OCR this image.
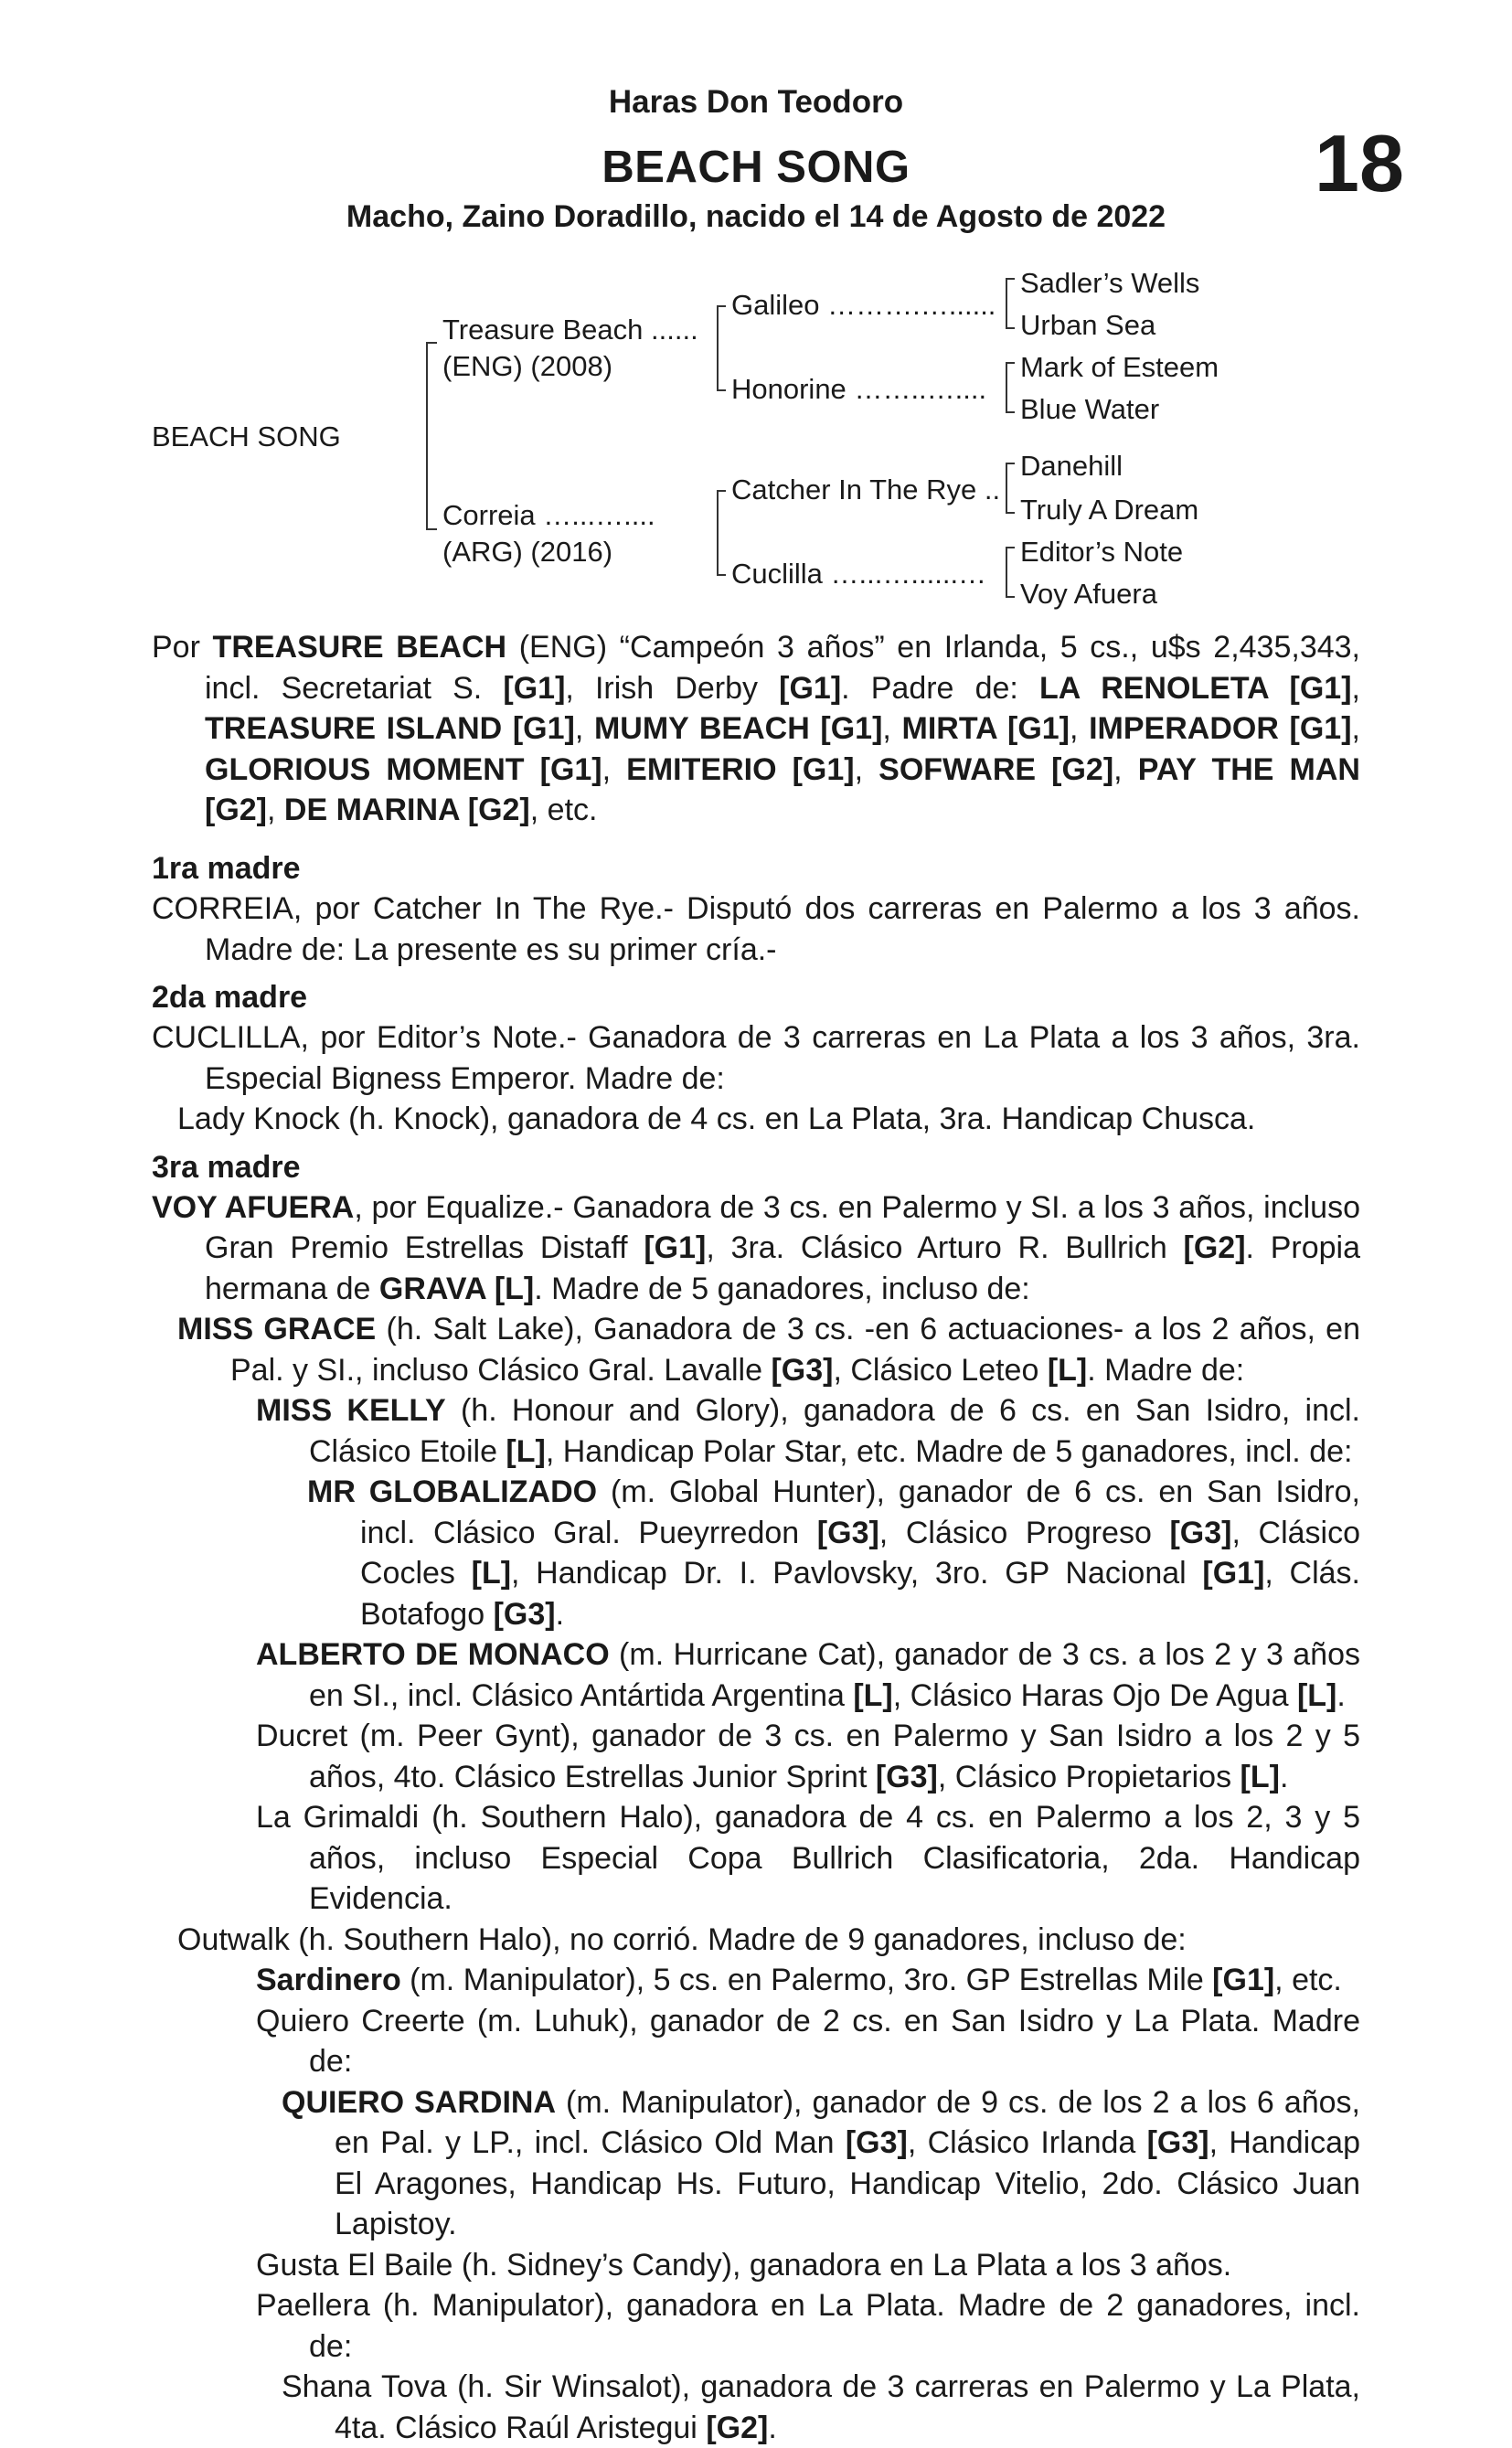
Haras Don Teodoro
BEACH SONG
Macho, Zaino Doradillo, nacido el 14 de Agosto de 2022
18
BEACH SONG
Treasure Beach ......
(ENG) (2008)
Correia …...…....
(ARG) (2016)
Galileo ……….…......
Honorine ……..…....
Catcher In The Rye ..
Cuclilla …...…......…
Sadler’s Wells
Urban Sea
Mark of Esteem
Blue Water
Danehill
Truly A Dream
Editor’s Note
Voy Afuera

Por TREASURE BEACH (ENG) “Campeón 3 años” en Irlanda, 5 cs., u$s 2,435,343, incl. Secretariat S. [G1], Irish Derby [G1]. Padre de: LA RENOLETA [G1], TREASURE ISLAND [G1], MUMY BEACH [G1], MIRTA [G1], IMPERADOR [G1], GLORIOUS MOMENT [G1], EMITERIO [G1], SOFWARE [G2], PAY THE MAN [G2], DE MARINA [G2], etc.

1ra madre

CORREIA, por Catcher In The Rye.- Disputó dos carreras en Palermo a los 3 años. Madre de: La presente es su primer cría.-

2da madre

CUCLILLA, por Editor’s Note.- Ganadora de 3 carreras en La Plata a los 3 años, 3ra. Especial Bigness Emperor. Madre de:

Lady Knock (h. Knock), ganadora de 4 cs. en La Plata, 3ra. Handicap Chusca.

3ra madre

VOY AFUERA, por Equalize.- Ganadora de 3 cs. en Palermo y SI. a los 3 años, incluso Gran Premio Estrellas Distaff [G1], 3ra. Clásico Arturo R. Bullrich [G2]. Propia hermana de GRAVA [L]. Madre de 5 ganadores, incluso de:

MISS GRACE (h. Salt Lake), Ganadora de 3 cs. -en 6 actuaciones- a los 2 años, en Pal. y SI., incluso Clásico Gral. Lavalle [G3], Clásico Leteo [L]. Madre de:

MISS KELLY (h. Honour and Glory), ganadora de 6 cs. en San Isidro, incl. Clásico Etoile [L], Handicap Polar Star, etc. Madre de 5 ganadores, incl. de:

MR GLOBALIZADO (m. Global Hunter), ganador de 6 cs. en San Isidro, incl. Clásico Gral. Pueyrredon [G3], Clásico Progreso [G3], Clásico Cocles [L], Handicap Dr. I. Pavlovsky, 3ro. GP Nacional [G1], Clás. Botafogo [G3].

ALBERTO DE MONACO (m. Hurricane Cat), ganador de 3 cs. a los 2 y 3 años en SI., incl. Clásico Antártida Argentina [L], Clásico Haras Ojo De Agua [L].

Ducret (m. Peer Gynt), ganador de 3 cs. en Palermo y San Isidro a los 2 y 5 años, 4to. Clásico Estrellas Junior Sprint [G3], Clásico Propietarios [L].

La Grimaldi (h. Southern Halo), ganadora de 4 cs. en Palermo a los 2, 3 y 5 años, incluso Especial Copa Bullrich Clasificatoria, 2da. Handicap Evidencia.

Outwalk (h. Southern Halo), no corrió. Madre de 9 ganadores, incluso de:

Sardinero (m. Manipulator), 5 cs. en Palermo, 3ro. GP Estrellas Mile [G1], etc.

Quiero Creerte (m. Luhuk), ganador de 2 cs. en San Isidro y La Plata. Madre de:

QUIERO SARDINA (m. Manipulator), ganador de 9 cs. de los 2 a los 6 años, en Pal. y LP., incl. Clásico Old Man [G3], Clásico Irlanda [G3], Handicap El Aragones, Handicap Hs. Futuro, Handicap Vitelio, 2do. Clásico Juan Lapistoy.

Gusta El Baile (h. Sidney’s Candy), ganadora en La Plata a los 3 años.

Paellera (h. Manipulator), ganadora en La Plata. Madre de 2 ganadores, incl. de:

Shana Tova (h. Sir Winsalot), ganadora de 3 carreras en Palermo y La Plata, 4ta. Clásico Raúl Aristegui [G2].
